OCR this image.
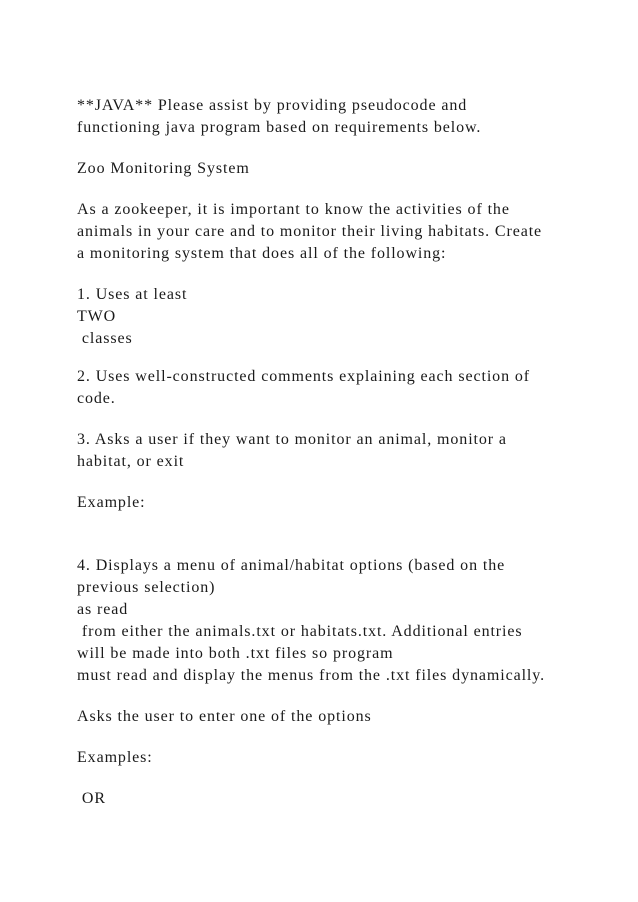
**JAVA** Please assist by providing pseudocode and
functioning java program based on requirements below.
Zoo Monitoring System
As a zookeeper, it is important to know the activities of the
animals in your care and to monitor their living habitats. Create
a monitoring system that does all of the following:
1. Uses at least
TWO
classes
2. Uses well-constructed comments explaining each section of
code.
3. Asks a user if they want to monitor an animal, monitor a
habitat, or exit
Example:
4. Displays a menu of animal/habitat options (based on the
previous selection)
as read
from either the animals.txt or habitats.txt. Additional entries
will be made into both .txt files so program
must read and display the menus from the .txt files dynamically.
Asks the user to enter one of the options
Examples:
OR
